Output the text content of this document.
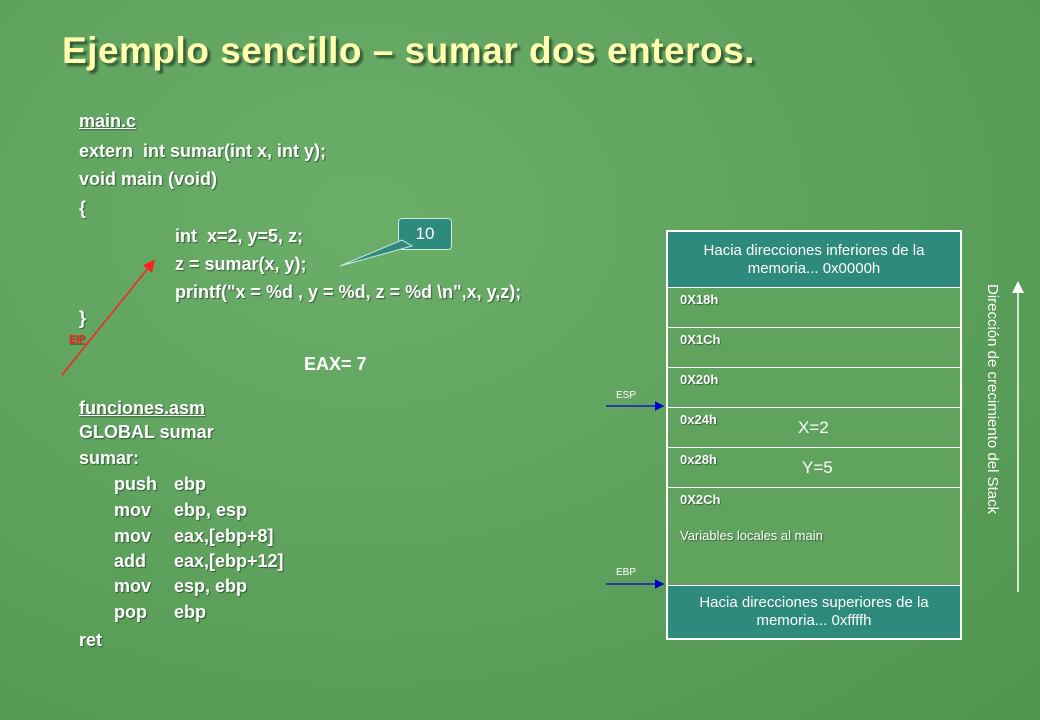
Ejemplo sencillo – sumar dos enteros.
main.c
extern  int sumar(int x, int y);
void main (void)
{
int  x=2, y=5, z;
z = sumar(x, y);
printf("x = %d , y = %d, z = %d \n",x, y,z);
}
10
EIP
EAX= 7
funciones.asm
GLOBAL sumar
sumar:
push ebp
mov ebp, esp
mov eax,[ebp+8]
add eax,[ebp+12]
mov esp, ebp
pop ebp
ret
Hacia direcciones inferiores de la memoria... 0x0000h
0X18h
0X1Ch
0X20h
0x24h	X=2
0x28h	Y=5
0X2Ch
Variables locales al main
Hacia direcciones superiores de la memoria... 0xffffh
ESP
EBP
Dirección de crecimiento del Stack
